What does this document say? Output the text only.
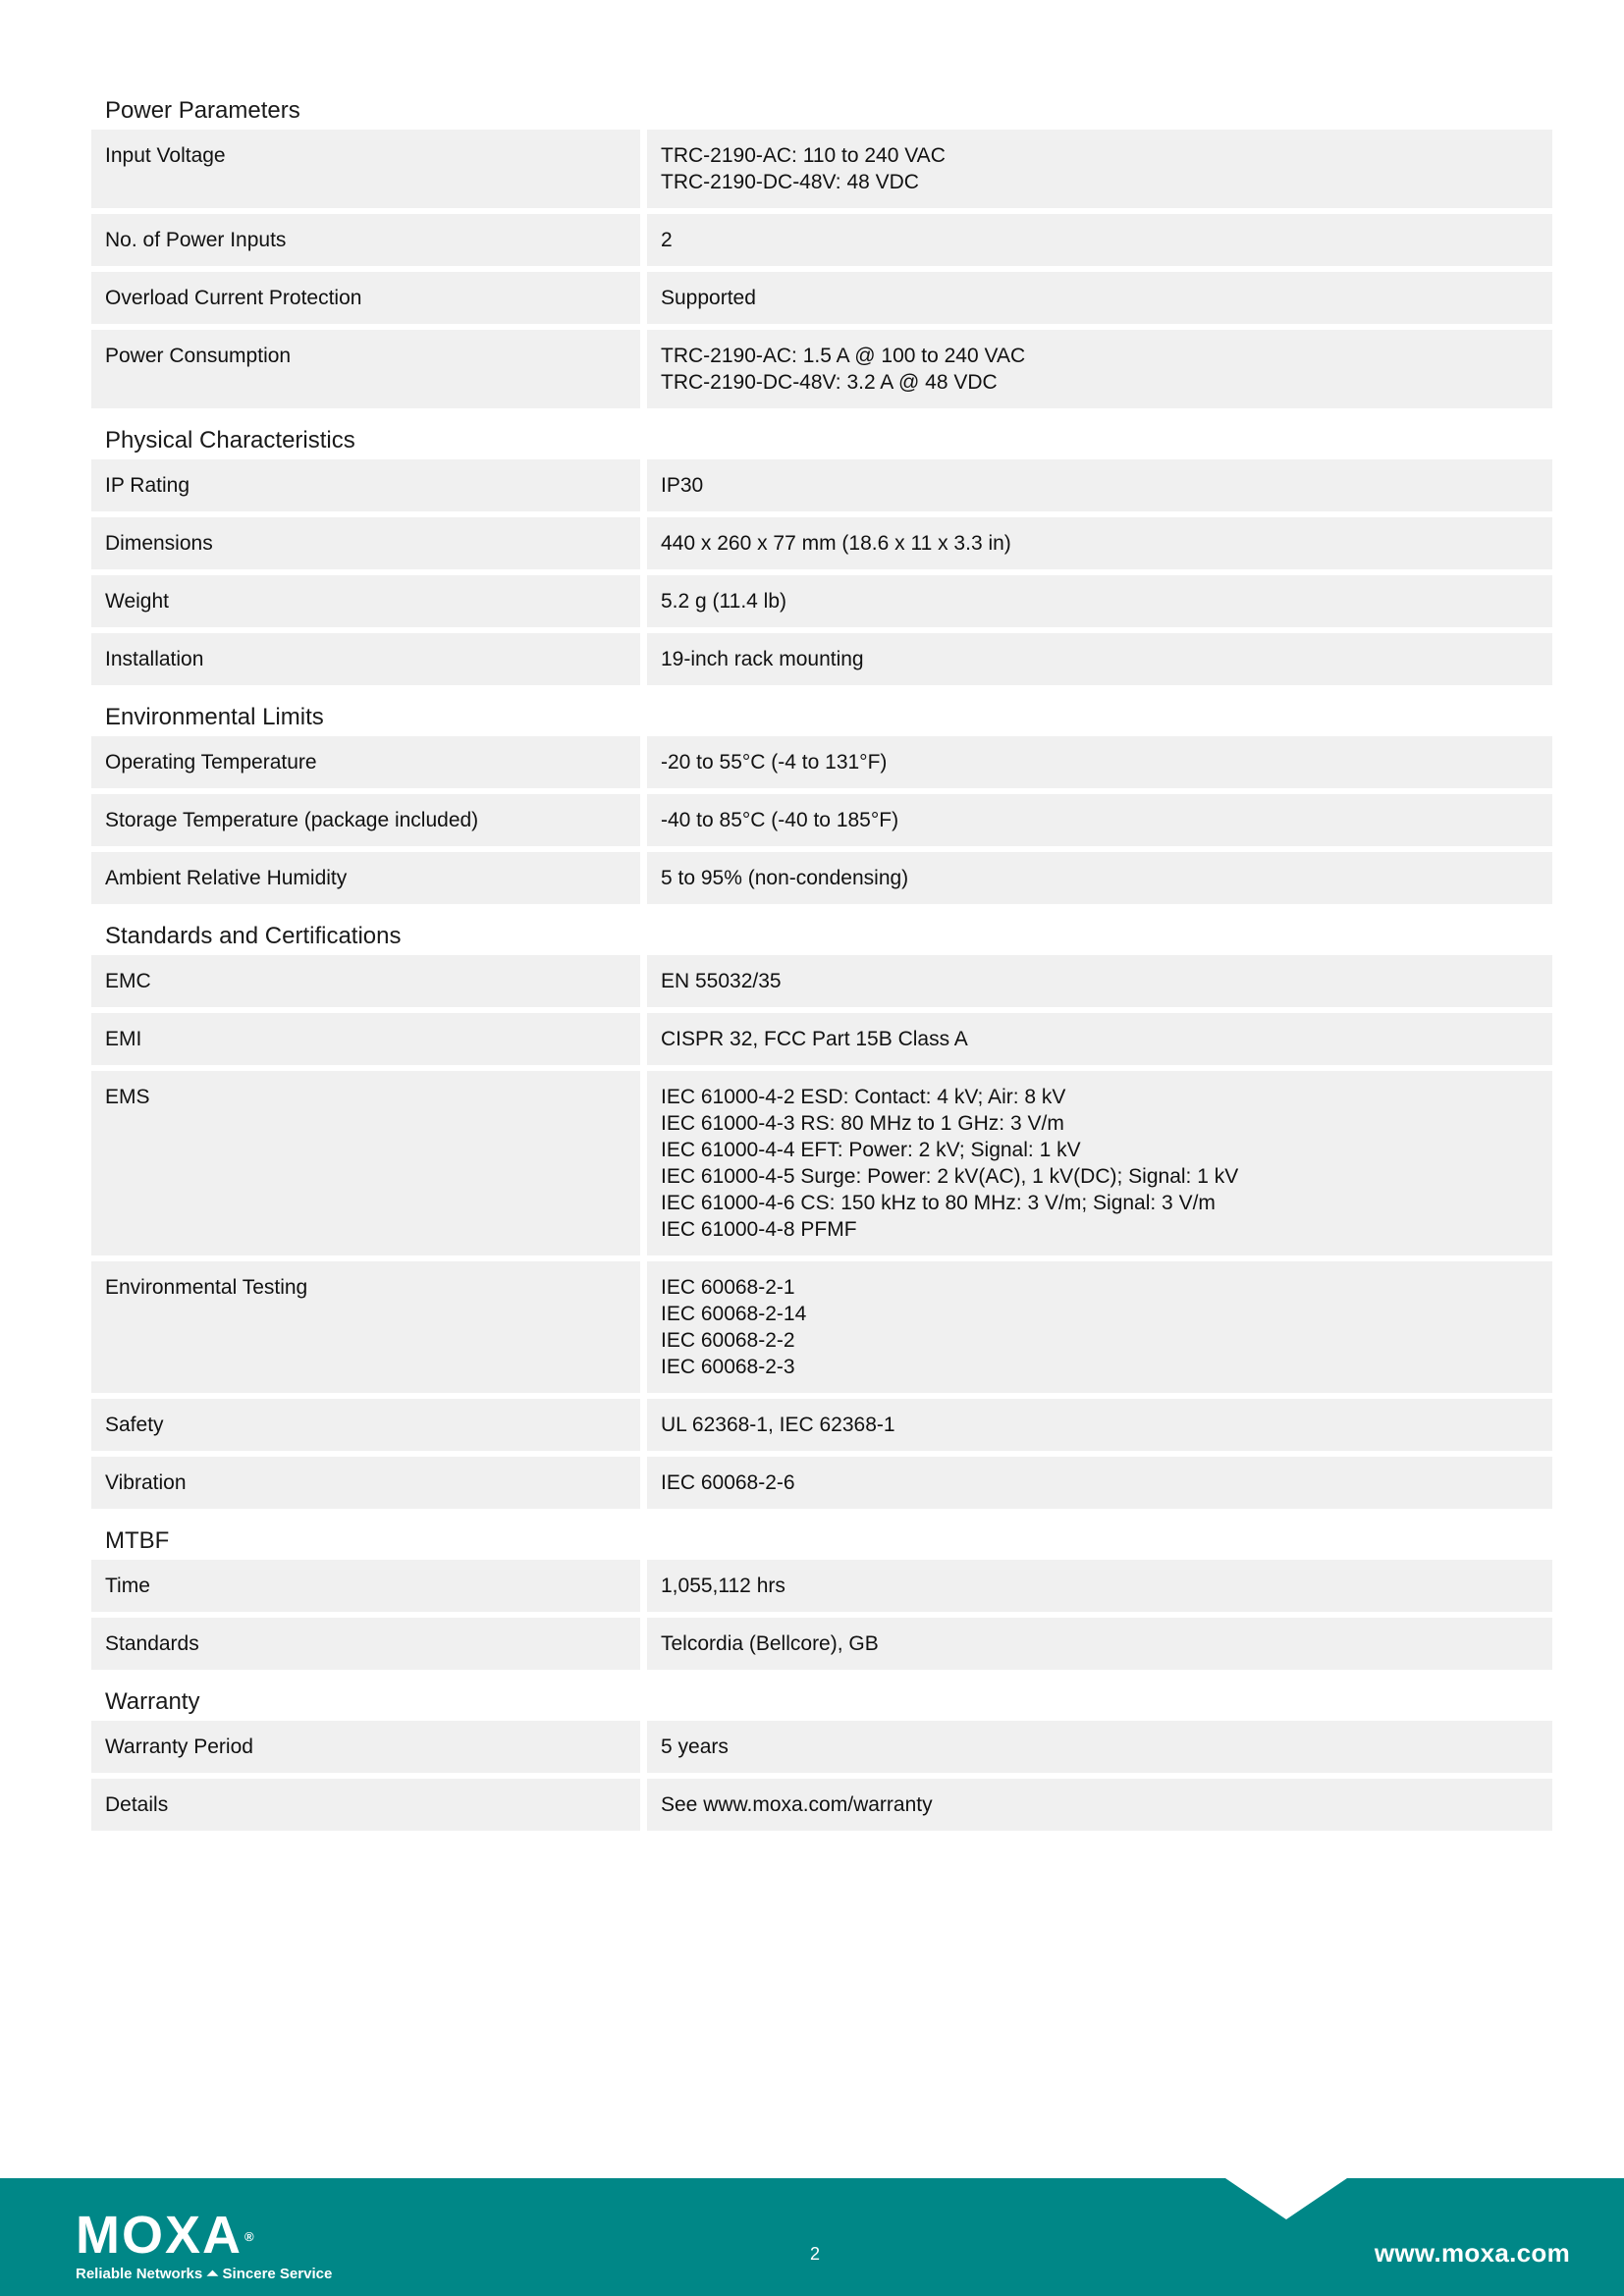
Power Parameters
Input Voltage	TRC-2190-AC: 110 to 240 VAC
TRC-2190-DC-48V: 48 VDC
No. of Power Inputs	2
Overload Current Protection	Supported
Power Consumption	TRC-2190-AC: 1.5 A @ 100 to 240 VAC
TRC-2190-DC-48V: 3.2 A @ 48 VDC
Physical Characteristics
IP Rating	IP30
Dimensions	440 x 260 x 77 mm (18.6 x 11 x 3.3 in)
Weight	5.2 g (11.4 lb)
Installation	19-inch rack mounting
Environmental Limits
Operating Temperature	-20 to 55°C (-4 to 131°F)
Storage Temperature (package included)	-40 to 85°C (-40 to 185°F)
Ambient Relative Humidity	5 to 95% (non-condensing)
Standards and Certifications
EMC	EN 55032/35
EMI	CISPR 32, FCC Part 15B Class A
EMS	IEC 61000-4-2 ESD: Contact: 4 kV; Air: 8 kV
IEC 61000-4-3 RS: 80 MHz to 1 GHz: 3 V/m
IEC 61000-4-4 EFT: Power: 2 kV; Signal: 1 kV
IEC 61000-4-5 Surge: Power: 2 kV(AC), 1 kV(DC); Signal: 1 kV
IEC 61000-4-6 CS: 150 kHz to 80 MHz: 3 V/m; Signal: 3 V/m
IEC 61000-4-8 PFMF
Environmental Testing	IEC 60068-2-1
IEC 60068-2-14
IEC 60068-2-2
IEC 60068-2-3
Safety	UL 62368-1, IEC 62368-1
Vibration	IEC 60068-2-6
MTBF
Time	1,055,112 hrs
Standards	Telcordia (Bellcore), GB
Warranty
Warranty Period	5 years
Details	See www.moxa.com/warranty
MOXA ®
Reliable Networks ⏶ Sincere Service
2	www.moxa.com
